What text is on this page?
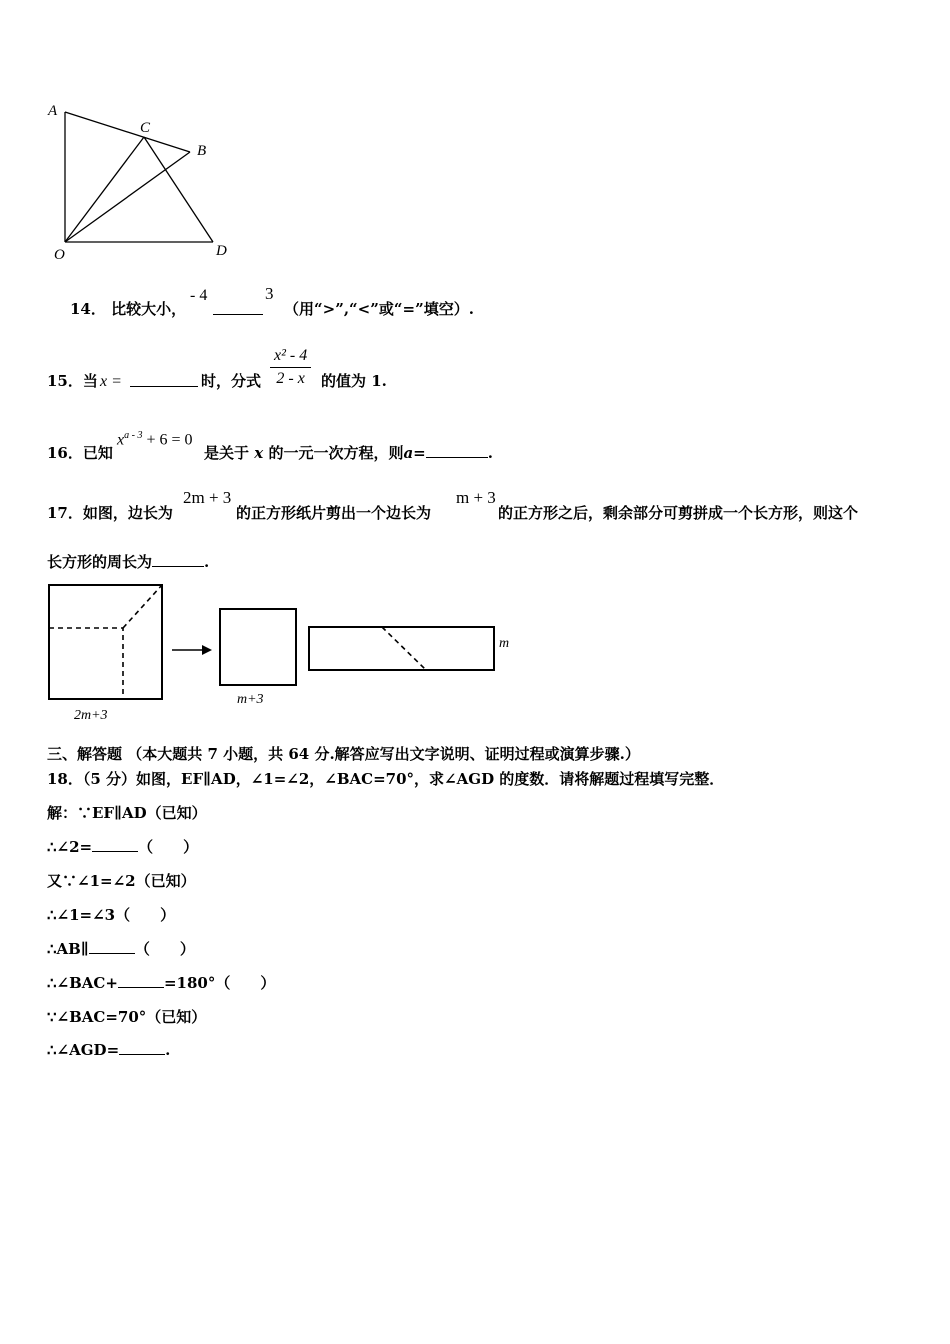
A
C
B
O	D
14． 比较大小，
- 4	3
（用“>”,“<”或“=”填空）.
15．当 x =	时，分式 $\frac{\text{x² - 4}}{2 - x}$ 的值为 1.
16．已知
$x^{a - 3} + 6 = 0$
是关于 x 的一元一次方程，则a=	.
17．如图，边长为
2m + 3
的正方形纸片剪出一个边长为
m + 3
的正方形之后，剩余部分可剪拼成一个长方形，则这个
长方形的周长为	.
2m+3
m+3
m
三、解答题 （本大题共 7 小题，共 64 分.解答应写出文字说明、证明过程或演算步骤.）
18．（5 分）如图，EF∥AD，∠1=∠2，∠BAC=70°，求∠AGD 的度数．请将解题过程填写完整．
解：∵EF∥AD（已知）
∴∠2=	（　　）
又∵∠1=∠2（已知）
∴∠1=∠3（　　）
∴AB∥	（　　）
∴∠BAC+	=180°（　　）
∵∠BAC=70°（已知）
∴∠AGD=	.
